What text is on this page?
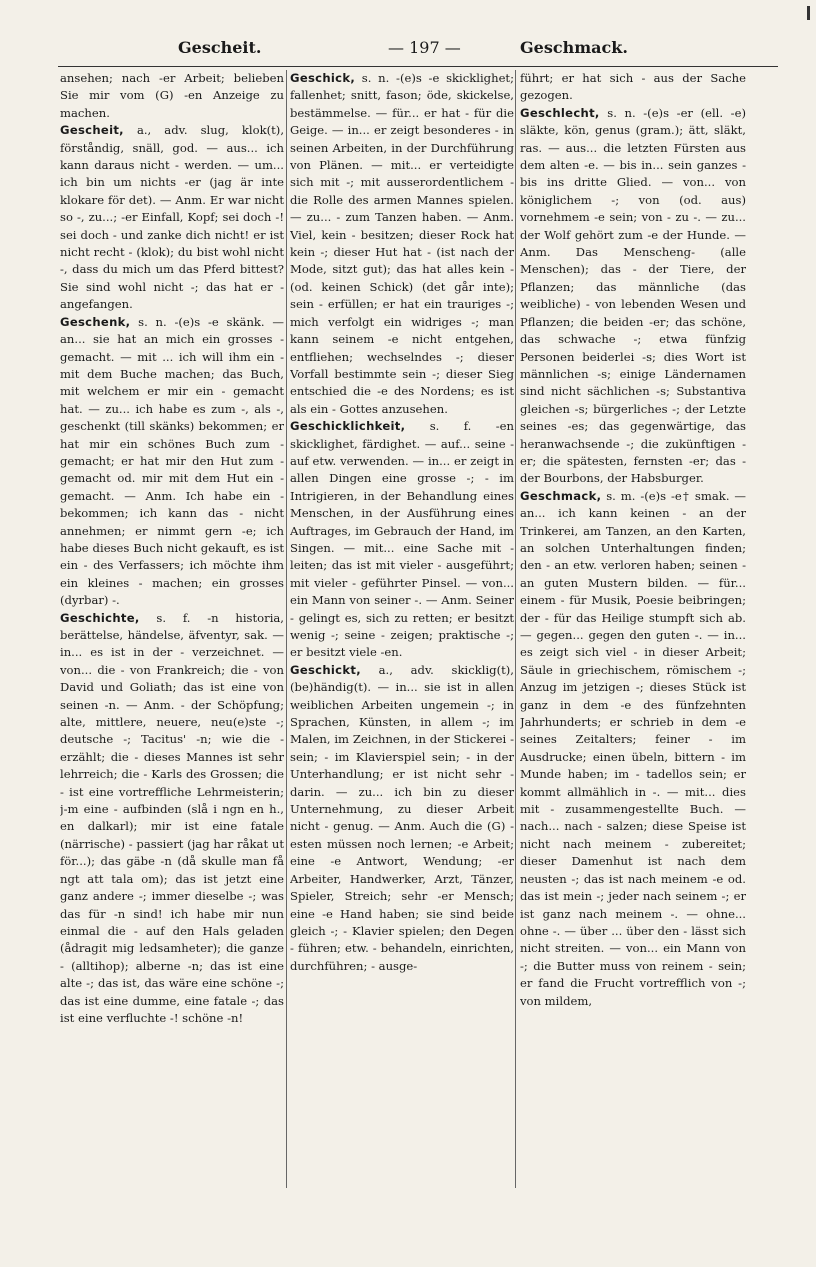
Gescheit.	— 197 —	Geschmack.

ansehen; nach -er Arbeit; belieben Sie mir vom (G) -en Anzeige zu machen.

Gescheit, a., adv. slug, klok(t), förståndig, snäll, god. — aus... ich kann daraus nicht - werden. — um... ich bin um nichts -er (jag är inte klokare för det). — Anm. Er war nicht so -, zu...; -er Einfall, Kopf; sei doch -! sei doch - und zanke dich nicht! er ist nicht recht - (klok); du bist wohl nicht -, dass du mich um das Pferd bittest? Sie sind wohl nicht -; das hat er - angefangen.

Geschenk, s. n. -(e)s -e skänk. — an... sie hat an mich ein grosses - gemacht. — mit ... ich will ihm ein - mit dem Buche machen; das Buch, mit welchem er mir ein - gemacht hat. — zu... ich habe es zum -, als -, geschenkt (till skänks) bekommen; er hat mir ein schönes Buch zum - gemacht; er hat mir den Hut zum - gemacht od. mir mit dem Hut ein - gemacht. — Anm. Ich habe ein - bekommen; ich kann das - nicht annehmen; er nimmt gern -e; ich habe dieses Buch nicht gekauft, es ist ein - des Verfassers; ich möchte ihm ein kleines - machen; ein grosses (dyrbar) -.

Geschichte, s. f. -n historia, berättelse, händelse, äfventyr, sak. — in... es ist in der - verzeichnet. — von... die - von Frankreich; die - von David und Goliath; das ist eine von seinen -n. — Anm. - der Schöpfung; alte, mittlere, neuere, neu(e)ste -; deutsche -; Tacitus' -n; wie die - erzählt; die - dieses Mannes ist sehr lehrreich; die - Karls des Grossen; die - ist eine vortreffliche Lehrmeisterin; j-m eine - aufbinden (slå i ngn en h., en dalkarl); mir ist eine fatale (närrische) - passiert (jag har råkat ut för...); das gäbe -n (då skulle man få ngt att tala om); das ist jetzt eine ganz andere -; immer dieselbe -; was das für -n sind! ich habe mir nun einmal die - auf den Hals geladen (ådragit mig ledsamheter); die ganze - (alltihop); alberne -n; das ist eine alte -; das ist, das wäre eine schöne -; das ist eine dumme, eine fatale -; das ist eine verfluchte -! schöne -n!

Geschick, s. n. -(e)s -e skicklighet; fallenhet; snitt, fason; öde, skickelse, bestämmelse. — für... er hat - für die Geige. — in... er zeigt besonderes - in seinen Arbeiten, in der Durchführung von Plänen. — mit... er verteidigte sich mit -; mit ausserordentlichem - die Rolle des armen Mannes spielen. — zu... - zum Tanzen haben. — Anm. Viel, kein - besitzen; dieser Rock hat kein -; dieser Hut hat - (ist nach der Mode, sitzt gut); das hat alles kein - (od. keinen Schick) (det går inte); sein - erfüllen; er hat ein trauriges -; mich verfolgt ein widriges -; man kann seinem -e nicht entgehen, entfliehen; wechselndes -; dieser Vorfall bestimmte sein -; dieser Sieg entschied die -e des Nordens; es ist als ein - Gottes anzusehen.

Geschicklichkeit, s. f. -en skicklighet, färdighet. — auf... seine - auf etw. verwenden. — in... er zeigt in allen Dingen eine grosse -; - im Intrigieren, in der Behandlung eines Menschen, in der Ausführung eines Auftrages, im Gebrauch der Hand, im Singen. — mit... eine Sache mit - leiten; das ist mit vieler - ausgeführt; mit vieler - geführter Pinsel. — von... ein Mann von seiner -. — Anm. Seiner - gelingt es, sich zu retten; er besitzt wenig -; seine - zeigen; praktische -; er besitzt viele -en.

Geschickt, a., adv. skicklig(t), (be)händig(t). — in... sie ist in allen weiblichen Arbeiten ungemein -; in Sprachen, Künsten, in allem -; im Malen, im Zeichnen, in der Stickerei - sein; - im Klavierspiel sein; - in der Unterhandlung; er ist nicht sehr - darin. — zu... ich bin zu dieser Unternehmung, zu dieser Arbeit nicht - genug. — Anm. Auch die (G) -esten müssen noch lernen; -e Arbeit; eine -e Antwort, Wendung; -er Arbeiter, Handwerker, Arzt, Tänzer, Spieler, Streich; sehr -er Mensch; eine -e Hand haben; sie sind beide gleich -; - Klavier spielen; den Degen - führen; etw. - behandeln, einrichten, durchführen; - ausge-

führt; er hat sich - aus der Sache gezogen.

Geschlecht, s. n. -(e)s -er (ell. -e) släkte, kön, genus (gram.); ätt, släkt, ras. — aus... die letzten Fürsten aus dem alten -e. — bis in... sein ganzes - bis ins dritte Glied. — von... von königlichem -; von (od. aus) vornehmem -e sein; von - zu -. — zu... der Wolf gehört zum -e der Hunde. — Anm. Das Menscheng- (alle Menschen); das - der Tiere, der Pflanzen; das männliche (das weibliche) - von lebenden Wesen und Pflanzen; die beiden -er; das schöne, das schwache -; etwa fünfzig Personen beiderlei -s; dies Wort ist männlichen -s; einige Ländernamen sind nicht sächlichen -s; Substantiva gleichen -s; bürgerliches -; der Letzte seines -es; das gegenwärtige, das heranwachsende -; die zukünftigen -er; die spätesten, fernsten -er; das - der Bourbons, der Habsburger.

Geschmack, s. m. -(e)s -e† smak. — an... ich kann keinen - an der Trinkerei, am Tanzen, an den Karten, an solchen Unterhaltungen finden; den - an etw. verloren haben; seinen - an guten Mustern bilden. — für... einem - für Musik, Poesie beibringen; der - für das Heilige stumpft sich ab. — gegen... gegen den guten -. — in... es zeigt sich viel - in dieser Arbeit; Säule in griechischem, römischem -; Anzug im jetzigen -; dieses Stück ist ganz in dem -e des fünfzehnten Jahrhunderts; er schrieb in dem -e seines Zeitalters; feiner - im Ausdrucke; einen übeln, bittern - im Munde haben; im - tadellos sein; er kommt allmählich in -. — mit... dies mit - zusammengestellte Buch. — nach... nach - salzen; diese Speise ist nicht nach meinem - zubereitet; dieser Damenhut ist nach dem neusten -; das ist nach meinem -e od. das ist mein -; jeder nach seinem -; er ist ganz nach meinem -. — ohne... ohne -. — über ... über den - lässt sich nicht streiten. — von... ein Mann von -; die Butter muss von reinem - sein; er fand die Frucht vortrefflich von -; von mildem,
